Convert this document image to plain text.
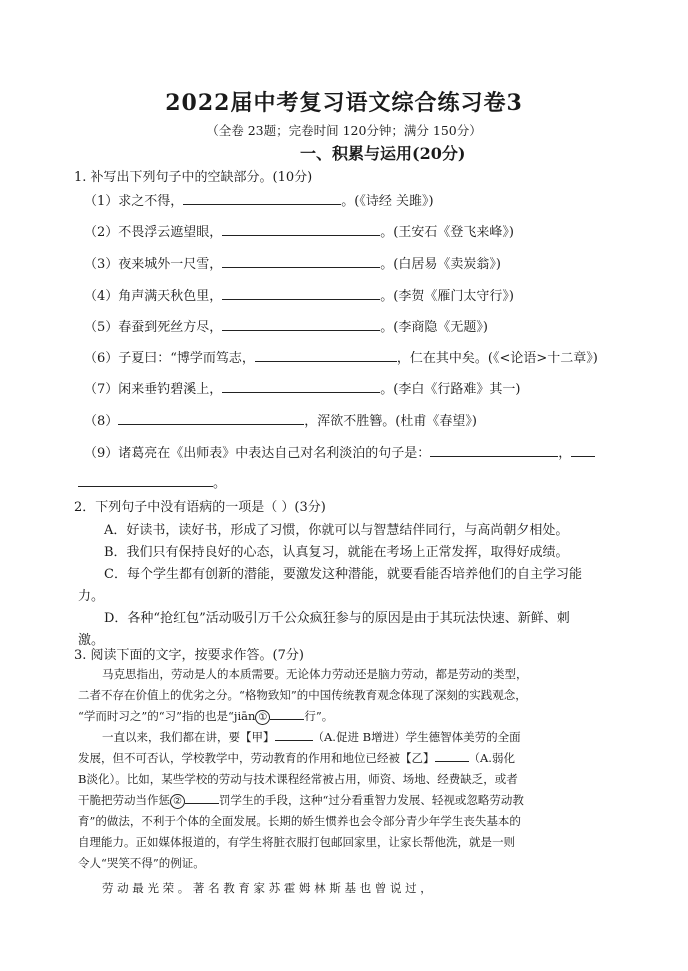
2022届中考复习语文综合练习卷3
（全卷 23题；完卷时间 120分钟；满分 150分）
一、积累与运用(20分)
1. 补写出下列句子中的空缺部分。(10分)
（1）求之不得，	。(《诗经 关雎》)
（2）不畏浮云遮望眼，	。(王安石《登飞来峰》)
（3）夜来城外一尺雪，	。(白居易《卖炭翁》)
（4）角声满天秋色里，	。(李贺《雁门太守行》)
（5）春蚕到死丝方尽，	。(李商隐《无题》)
（6）子夏曰：“博学而笃志，	，仁在其中矣。(《<论语>十二章》)
（7）闲来垂钓碧溪上，	。(李白《行路难》其一)
（8）	，浑欲不胜簪。(杜甫《春望》)
（9）诸葛亮在《出师表》中表达自己对名利淡泊的句子是：	，
。
2．下列句子中没有语病的一项是（ ）(3分)
A．好读书，读好书，形成了习惯，你就可以与智慧结伴同行，与高尚朝夕相处。
B．我们只有保持良好的心态，认真复习，就能在考场上正常发挥，取得好成绩。
C．每个学生都有创新的潜能，要激发这种潜能，就要看能否培养他们的自主学习能
力。
D．各种“抢红包”活动吸引万千公众疯狂参与的原因是由于其玩法快速、新鲜、刺
激。
3. 阅读下面的文字，按要求作答。(7分)
马克思指出，劳动是人的本质需要。无论体力劳动还是脑力劳动，都是劳动的类型，
二者不存在价值上的优劣之分。“格物致知”的中国传统教育观念体现了深刻的实践观念，
“学而时习之”的“习”指的也是“jiān ①	行”。
一直以来，我们都在讲，要【甲】	（A.促进 B增进）学生德智体美劳的全面
发展，但不可否认，学校教学中，劳动教育的作用和地位已经被【乙】	（A.弱化
B淡化）。比如，某些学校的劳动与技术课程经常被占用，师资、场地、经费缺乏，或者
干脆把劳动当作惩 ②	罚学生的手段，这种“过分看重智力发展、轻视或忽略劳动教
育”的做法，不利于个体的全面发展。长期的娇生惯养也会令部分青少年学生丧失基本的
自理能力。正如媒体报道的，有学生将脏衣服打包邮回家里，让家长帮他洗，就是一则
令人“哭笑不得”的例证。
劳 动 最 光 荣 。 著 名 教 育 家 苏 霍 姆 林 斯 基 也 曾 说 过 ，
